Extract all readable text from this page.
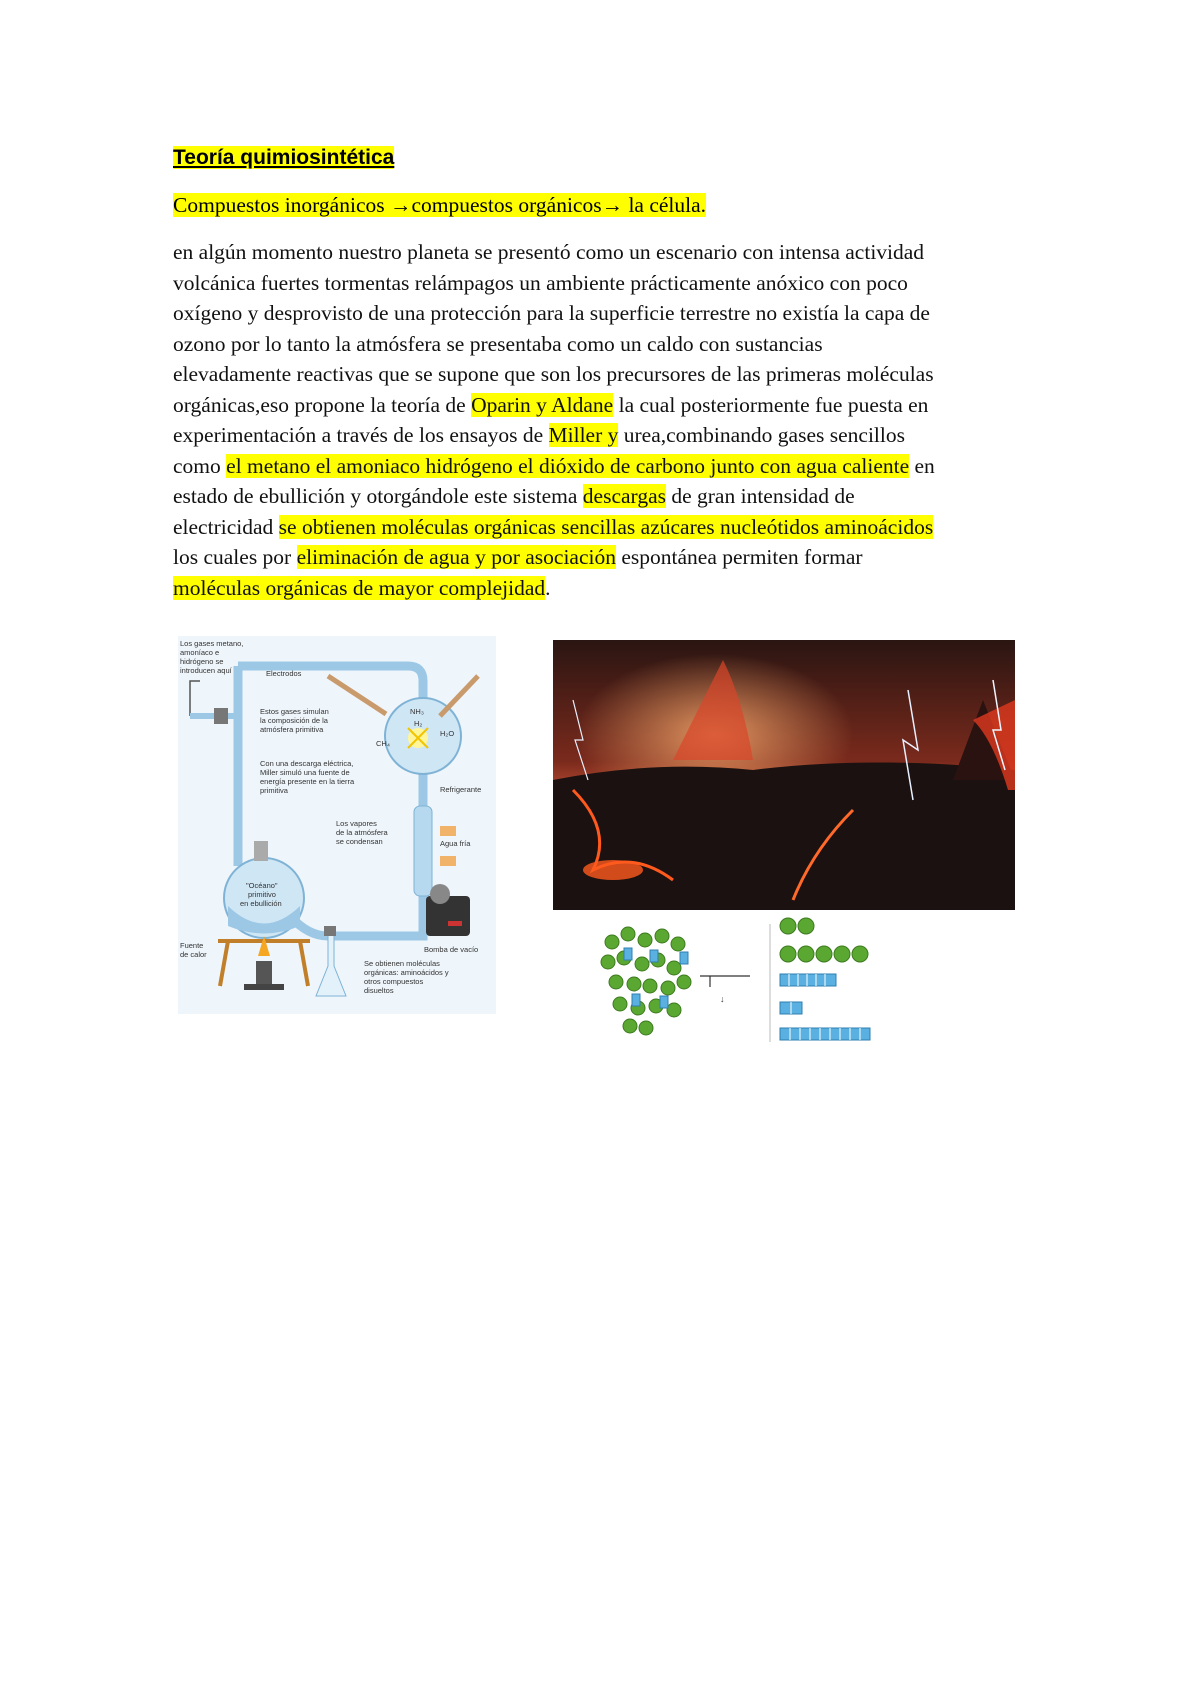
Teoría quimiosintética
Compuestos inorgánicos →compuestos orgánicos→ la célula.
en algún momento nuestro planeta se presentó como un escenario con intensa actividad
volcánica fuertes tormentas relámpagos un ambiente prácticamente anóxico con poco
oxígeno y desprovisto de una protección para la superficie terrestre no existía la capa de
ozono por lo tanto la atmósfera se presentaba como un caldo con sustancias
elevadamente reactivas que se supone que son los precursores de las primeras moléculas
orgánicas,eso propone la teoría de Oparin y Aldane la cual posteriormente fue puesta en
experimentación a través de los ensayos de Miller y urea,combinando gases sencillos
como el metano el amoniaco hidrógeno el dióxido de carbono junto con agua caliente en
estado de ebullición y otorgándole este sistema descargas de gran intensidad de
electricidad se obtienen moléculas orgánicas sencillas azúcares nucleótidos aminoácidos
los cuales por eliminación de agua y por asociación espontánea permiten formar
moléculas orgánicas de mayor complejidad.
Los gases metano,
amoníaco e
hidrógeno se
introducen aquí	Electrodos
Estos gases simulan
la composición de la
atmósfera primitiva
CH₄
NH₃
H₂
H₂O
Con una descarga eléctrica,
Miller simuló una fuente de
energía presente en la tierra
primitiva	Refrigerante
Agua fría
Los vapores
de la atmósfera
se condensan
"Océano"
primitivo
en ebullición
Bomba de vacío
Fuente
de calor
Se obtienen moléculas
orgánicas: aminoácidos y
otros compuestos
disueltos
↓
